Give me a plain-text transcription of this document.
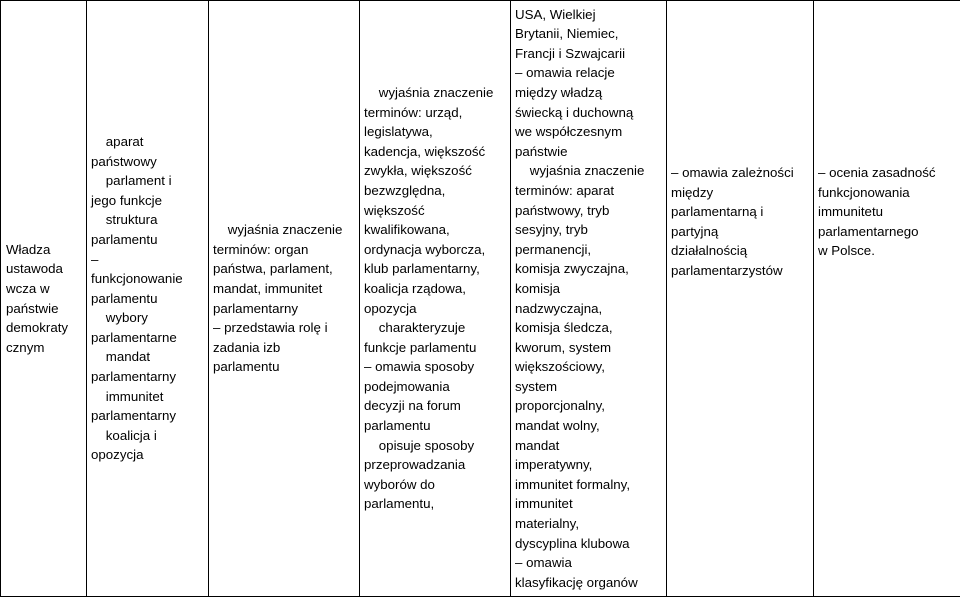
Władza
ustawoda
wcza w
państwie
demokraty
cznym

aparat
państwowy
parlament i
jego funkcje
struktura
parlamentu
–
funkcjonowanie
parlamentu
wybory
parlamentarne
mandat
parlamentarny
immunitet
parlamentarny
koalicja i
opozycja

wyjaśnia znaczenie
terminów: organ
państwa, parlament,
mandat, immunitet
parlamentarny
– przedstawia rolę i
zadania izb
parlamentu

wyjaśnia znaczenie
terminów: urząd,
legislatywa,
kadencja, większość
zwykła, większość
bezwzględna,
większość
kwalifikowana,
ordynacja wyborcza,
klub parlamentarny,
koalicja rządowa,
opozycja
charakteryzuje
funkcje parlamentu
– omawia sposoby
podejmowania
decyzji na forum
parlamentu
opisuje sposoby
przeprowadzania
wyborów do
parlamentu,

USA, Wielkiej
Brytanii, Niemiec,
Francji i Szwajcarii
– omawia relacje
między władzą
świecką i duchowną
we współczesnym
państwie
wyjaśnia znaczenie
terminów: aparat
państwowy, tryb
sesyjny, tryb
permanencji,
komisja zwyczajna,
komisja
nadzwyczajna,
komisja śledcza,
kworum, system
większościowy,
system
proporcjonalny,
mandat wolny,
mandat
imperatywny,
immunitet formalny,
immunitet
materialny,
dyscyplina klubowa
– omawia
klasyfikację organów

– omawia zależności
między
parlamentarną i
partyjną
działalnością
parlamentarzystów

– ocenia zasadność
funkcjonowania
immunitetu
parlamentarnego
w Polsce.
